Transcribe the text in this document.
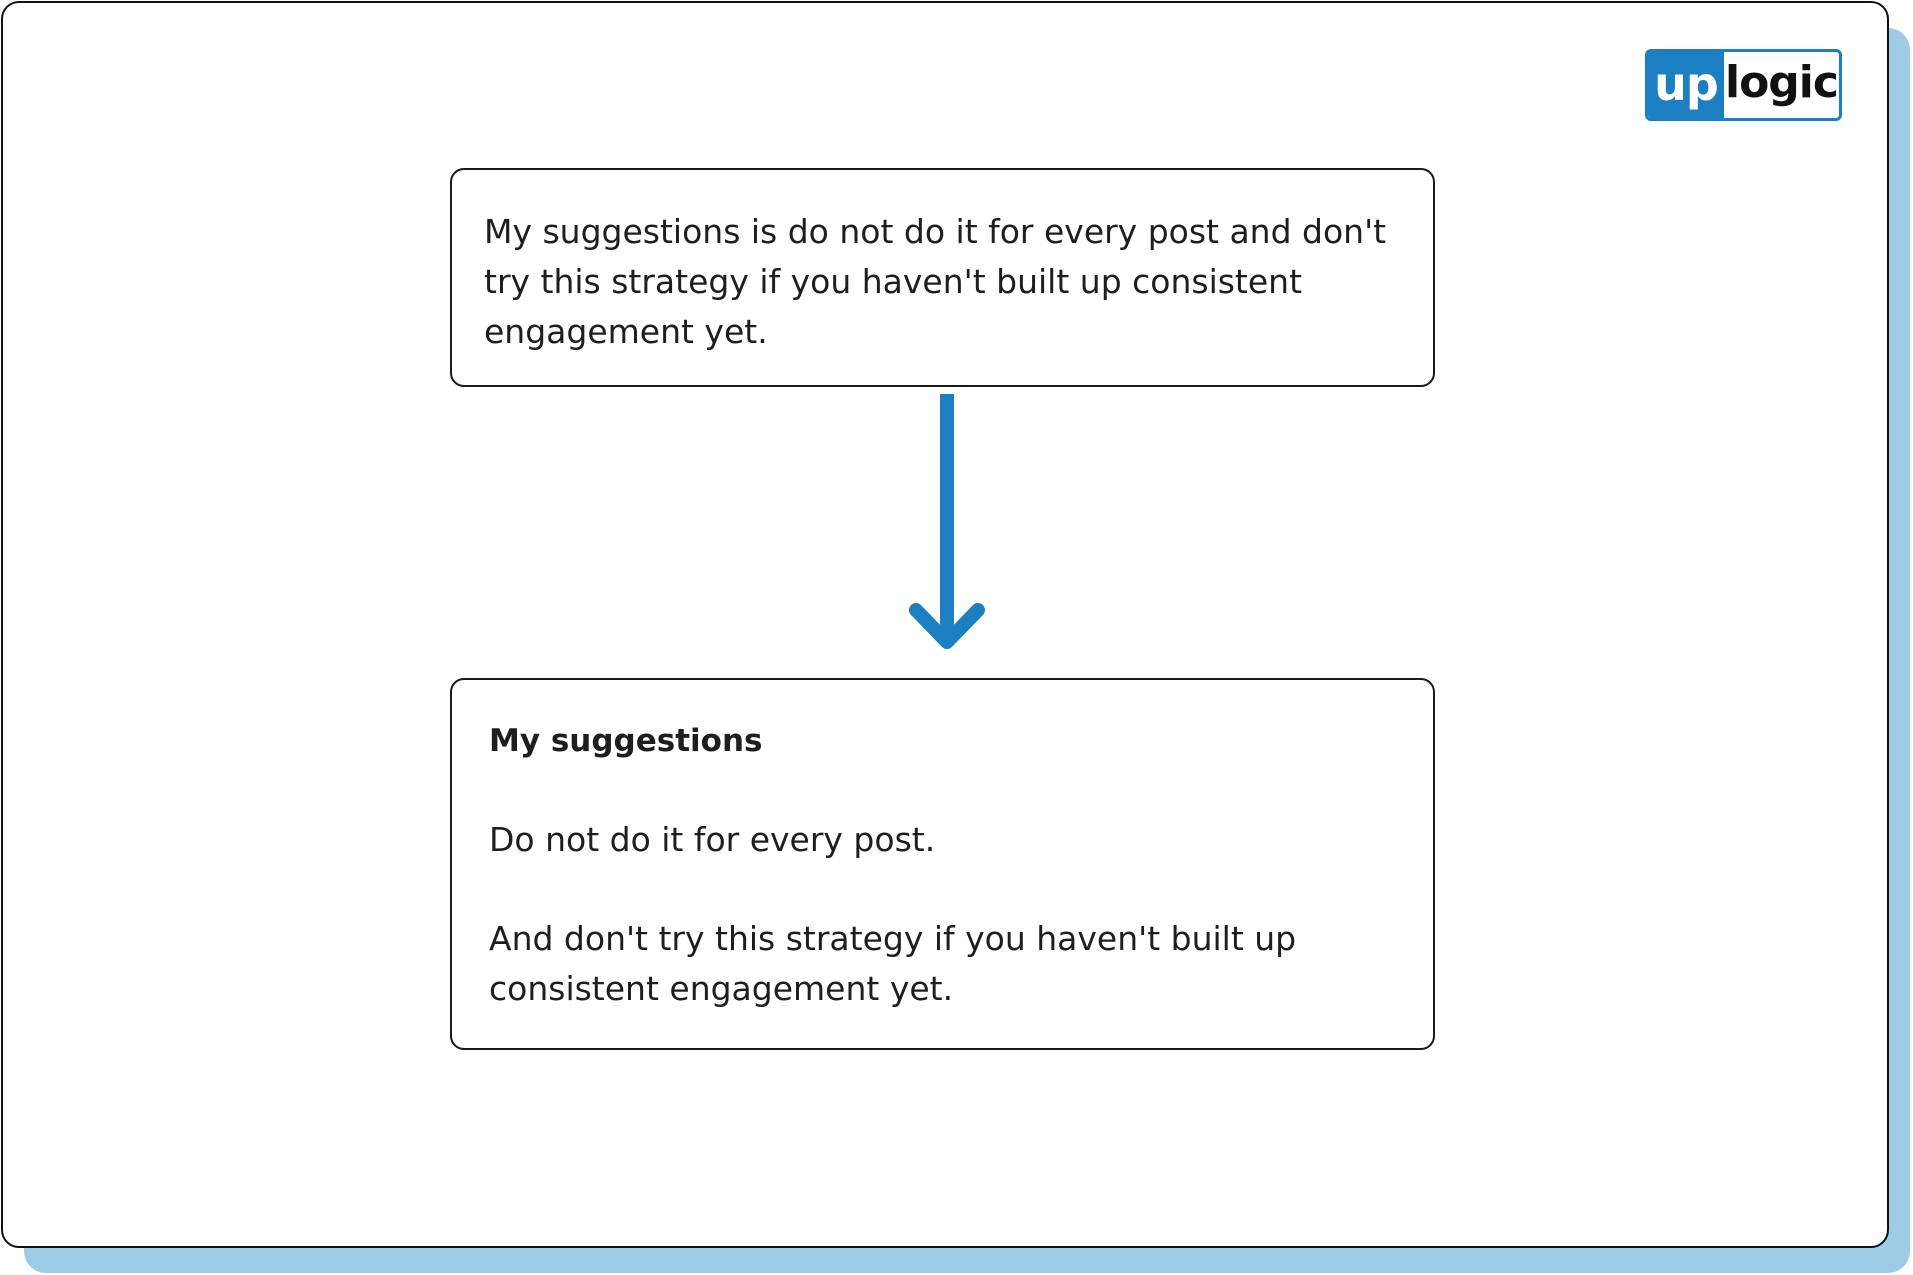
up logic
My suggestions is do not do it for every post and don't try this strategy if you haven't built up consistent engagement yet.
My suggestions
Do not do it for every post.
And don't try this strategy if you haven't built up consistent engagement yet.
